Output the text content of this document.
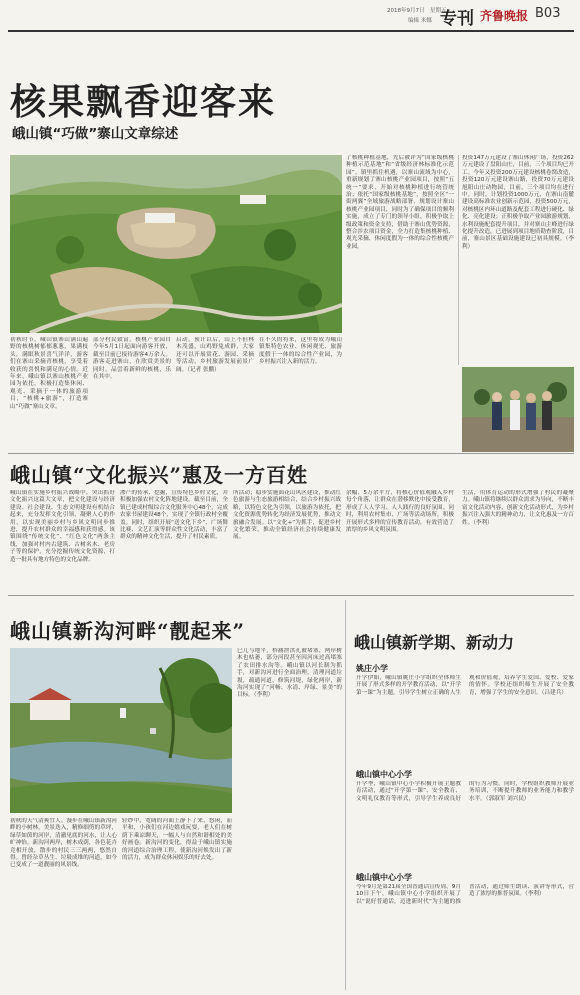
2018年9月7日　星期五
编辑 米娜 专刊 齐鲁晚报 B03
核果飘香迎客来
峨山镇“巧做”寨山文章综述
了核桃种植基地，先后被评为“国家级核桃种植示范基地”和“省级经济林标准化示范园”。镇里抓住机遇，以寨山流域为中心，重新规划了寨山核桃产业园项目，按照“五统一”要求，开始对核桃种植进行统管统治；依托“国家级核桃基地”，按照全区“一街两翼”全域旅游战略部署，规划设计寨山核桃产业园项目，同时为了确保项目的顺利实施，成立了专门的领导小组，积极争取上级政策和资金支持，借助于寨山优势资源，整合涉农项目资金，全力打造集核桃种植、观光采摘、休闲度假为一体的综合性核桃产业园。
投资147万元建设了寨山休闲广场，投资262万元建设了盘阳山庄，目前，三个项目均已开工。今年又投资200万元建设核桃卷窝改造，投资120万元建设寨山路，投资70万元建设旭阳山庄动物园，目前，三个项目均在进行中。同时，计划投资1000万元，在寨山南麓建设高标准农业创新示范园，投资500万元，对核桃区内环山道路及配套工程进行硬化、绿化、亮化建设；正积极争取产业园旅游规划，水利设施配套提升项目，并对寨山主峰进行绿化提升改造，已进展到项目地质勘查阶段，目前，寨山景区基础设施建设已初具规模。（李利）
初秋时节，峨山镇寨山满山遍野的核桃树郁郁葱葱，果满枝头，满眼秋景喜气洋洋，游客们在寨山采摘青核桃，享受着收获的喜悦和满足的心情。近年来，峨山镇以寨山核桃产业园为依托，积极打造集休闲、观光、采摘于一体的旅游项目，“核桃+旅游”，打造寨山“巧做”寨山文章。
部分村民致富。核桃产业园自今年5月1日起面向游客开放，截至目前已接待游客4万余人。游客走进寨山，在欣赏美景的同时，品尝着新鲜的核桃，乐在其中。
启动，预计以后，山上不但林木茂盛，山鸡野兔成群，大家还可以开展赏花、游园、采摘等活动，乡村旅游发展前景广阔。（记者 张鹏）
在不久的将来，这里将成为峨山镇集特色农业、休闲观光、旅游度假于一体的综合性产业园，为乡村振兴注入新的活力。
峨山镇“文化振兴”惠及一方百姓
峨山镇在实施乡村振兴战略中，突出抓好文化振兴这篇大文章，把文化建设与经济建设、社会建设、生态文明建设有机结合起来，充分发挥文化引领、凝聚人心的作用，以实现美丽乡村与乡风文明同步推进，提升农村群众的幸福感和获得感。该镇围绕“传统文化”、“红色文化”两条主线，加强对村内古建筑、古树名木、老房子等的保护，充分挖掘传统文化资源，打造一批具有地方特色的文化品牌。
渗产的传承、挖掘，宣传特色乡村文化，并积极加强农村文化阵地建设。截至目前，全镇已建成村级综合文化服务中心48个，完成农家书屋建设48个，实现了全镇行政村全覆盖。同时，组织开展“送文化下乡”、广场舞比赛、文艺汇演等群众性文化活动，丰富了群众的精神文化生活，提升了村民素质。
所活动；稳步实施面花山风区建设，推动红色旅游与生态旅游相结合，结合乡村振兴战略，以特色文化为引领，以旅游为依托，把文化资源优势转化为经济发展优势，推动文旅融合发展。以“文化+”为抓手，促进乡村文化繁荣，推动全镇经济社会持续健康发展。
余幅、5万余平方，将核心价值观融入乡村每个角落，让群众在潜移默化中接受教育，形成了人人学习、人人践行的良好氛围。同时，利用农村集市、广场等活动场所，积极开展形式多样的宣传教育活动，有效营造了浓厚的乡风文明氛围。
生活，用体育运动的形式增强了村民的凝聚力。峨山镇将继续以群众需求为导向，不断丰富文化活动内容，创新文化活动形式，为乡村振兴注入强大的精神动力，让文化惠及一方百姓。（李利）
峨山镇新沟河畔“靓起来”
初秋的天气清爽宜人。漫步在峨山镇新沟河畔的小树林，美景迭入，精修细剪的草坪，绿草如茵的河岸，清澈见底的河水，让人心旷神怡。新沟河两岸，树木成荫，各色花卉竞相开放，散步的村民三三两两，悠然自得。曾经杂草丛生、垃圾成堆的河道，如今已变成了一道靓丽的风景线。
轻纱中，宽阔的河面上静下了来，悠闲，而平和，小孩们在河边嬉戏玩耍，老人们在树荫下乘凉聊天，一幅人与自然和谐相处的美好画卷。新沟河的变化，得益于峨山镇实施的河道综合治理工程，使新沟河焕发出了新的活力，成为群众休闲娱乐的好去处。
巳几与地平，桥涵泄洪孔被堵塞，两岸树木也枯萎，部分河段甚至因河床过高堵塞了农田排水沟等。峨山镇以河长制为抓手，对新沟河进行全面治理，清理河道垃圾，疏通河道，修筑河堤，绿化两岸，新沟河实现了“河畅、水清、岸绿、景美”的目标。（李利）
峨山镇新学期、新动力
姚庄小学
开学伊始，峨山镇姚庄小学组织全体师生开展了形式多样的开学教育活动，以“开学第一课”为主题，引导学生树立正确的人生观和价值观，培养学生爱国、爱校、爱家的情怀。学校还组织师生开展了安全教育，增强了学生的安全意识。（吕建兵）
峨山镇中心小学
开学季，峨山镇中心小学积极开展主题教育活动，通过“开学第一课”、安全教育、文明礼仪教育等形式，引导学生养成良好的行为习惯。同时，学校组织教师开展业务培训，不断提升教师的业务能力和教学水平。（郭淑军 刘兴民）
峨山镇中心小学
今年9月是第21届全国普通话宣传周，9月10日下午，峨山镇中心小学组织开展了以“说好普通话，迈进新时代”为主题的推普活动，通过师生朗读、演讲等形式，营造了浓厚的推普氛围。（李利）
